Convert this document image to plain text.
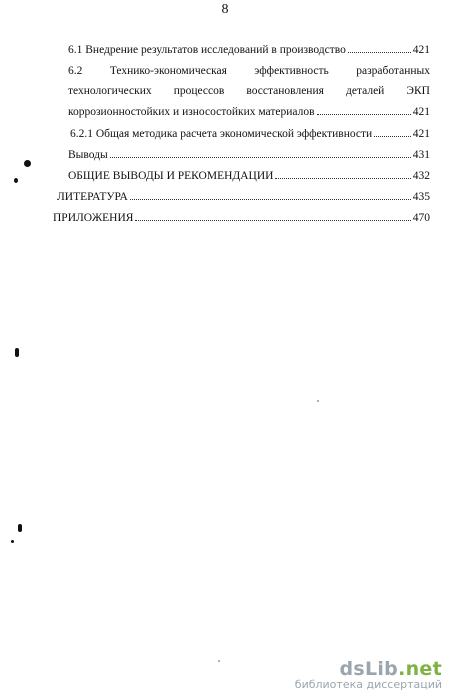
8
6.1 Внедрение результатов исследований в производство	421
6.2 Технико-экономическая эффективность разработанных
технологических процессов восстановления деталей ЭКП
коррозионностойких и износостойких материалов	421
6.2.1 Общая методика расчета экономической эффективности	421
Выводы	431
ОБЩИЕ ВЫВОДЫ И РЕКОМЕНДАЦИИ	432
ЛИТЕРАТУРА	435
ПРИЛОЖЕНИЯ	470
dsLib.net
библиотека диссертаций
